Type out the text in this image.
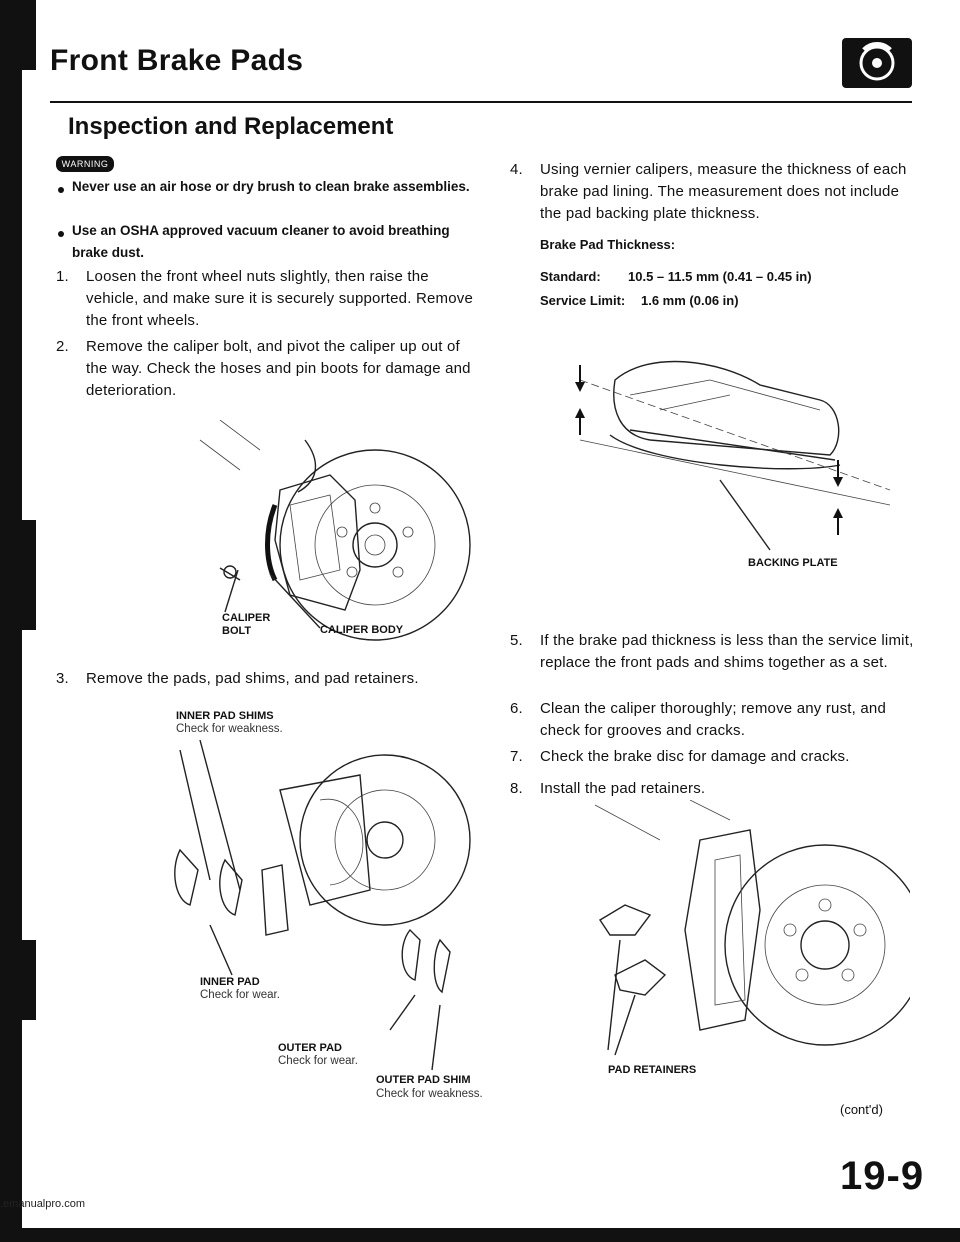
Front Brake Pads
Inspection and Replacement
WARNING
Never use an air hose or dry brush to clean brake assemblies.
Use an OSHA approved vacuum cleaner to avoid breathing brake dust.
1. Loosen the front wheel nuts slightly, then raise the vehicle, and make sure it is securely supported. Remove the front wheels.
2. Remove the caliper bolt, and pivot the caliper up out of the way. Check the hoses and pin boots for damage and deterioration.
CALIPER BOLT	CALIPER BODY
3. Remove the pads, pad shims, and pad retainers.
INNER PAD SHIMS
Check for weakness.
INNER PAD
Check for wear.
OUTER PAD
Check for wear.
OUTER PAD SHIM
Check for weakness.
4. Using vernier calipers, measure the thickness of each brake pad lining. The measurement does not include the pad backing plate thickness.
Brake Pad Thickness:
Standard: 10.5 – 11.5 mm (0.41 – 0.45 in)
Service Limit: 1.6 mm (0.06 in)
BACKING PLATE
5. If the brake pad thickness is less than the service limit, replace the front pads and shims together as a set.
6. Clean the caliper thoroughly; remove any rust, and check for grooves and cracks.
7. Check the brake disc for damage and cracks.
8. Install the pad retainers.
PAD RETAINERS
(cont'd)
19-9
.emanualpro.com
